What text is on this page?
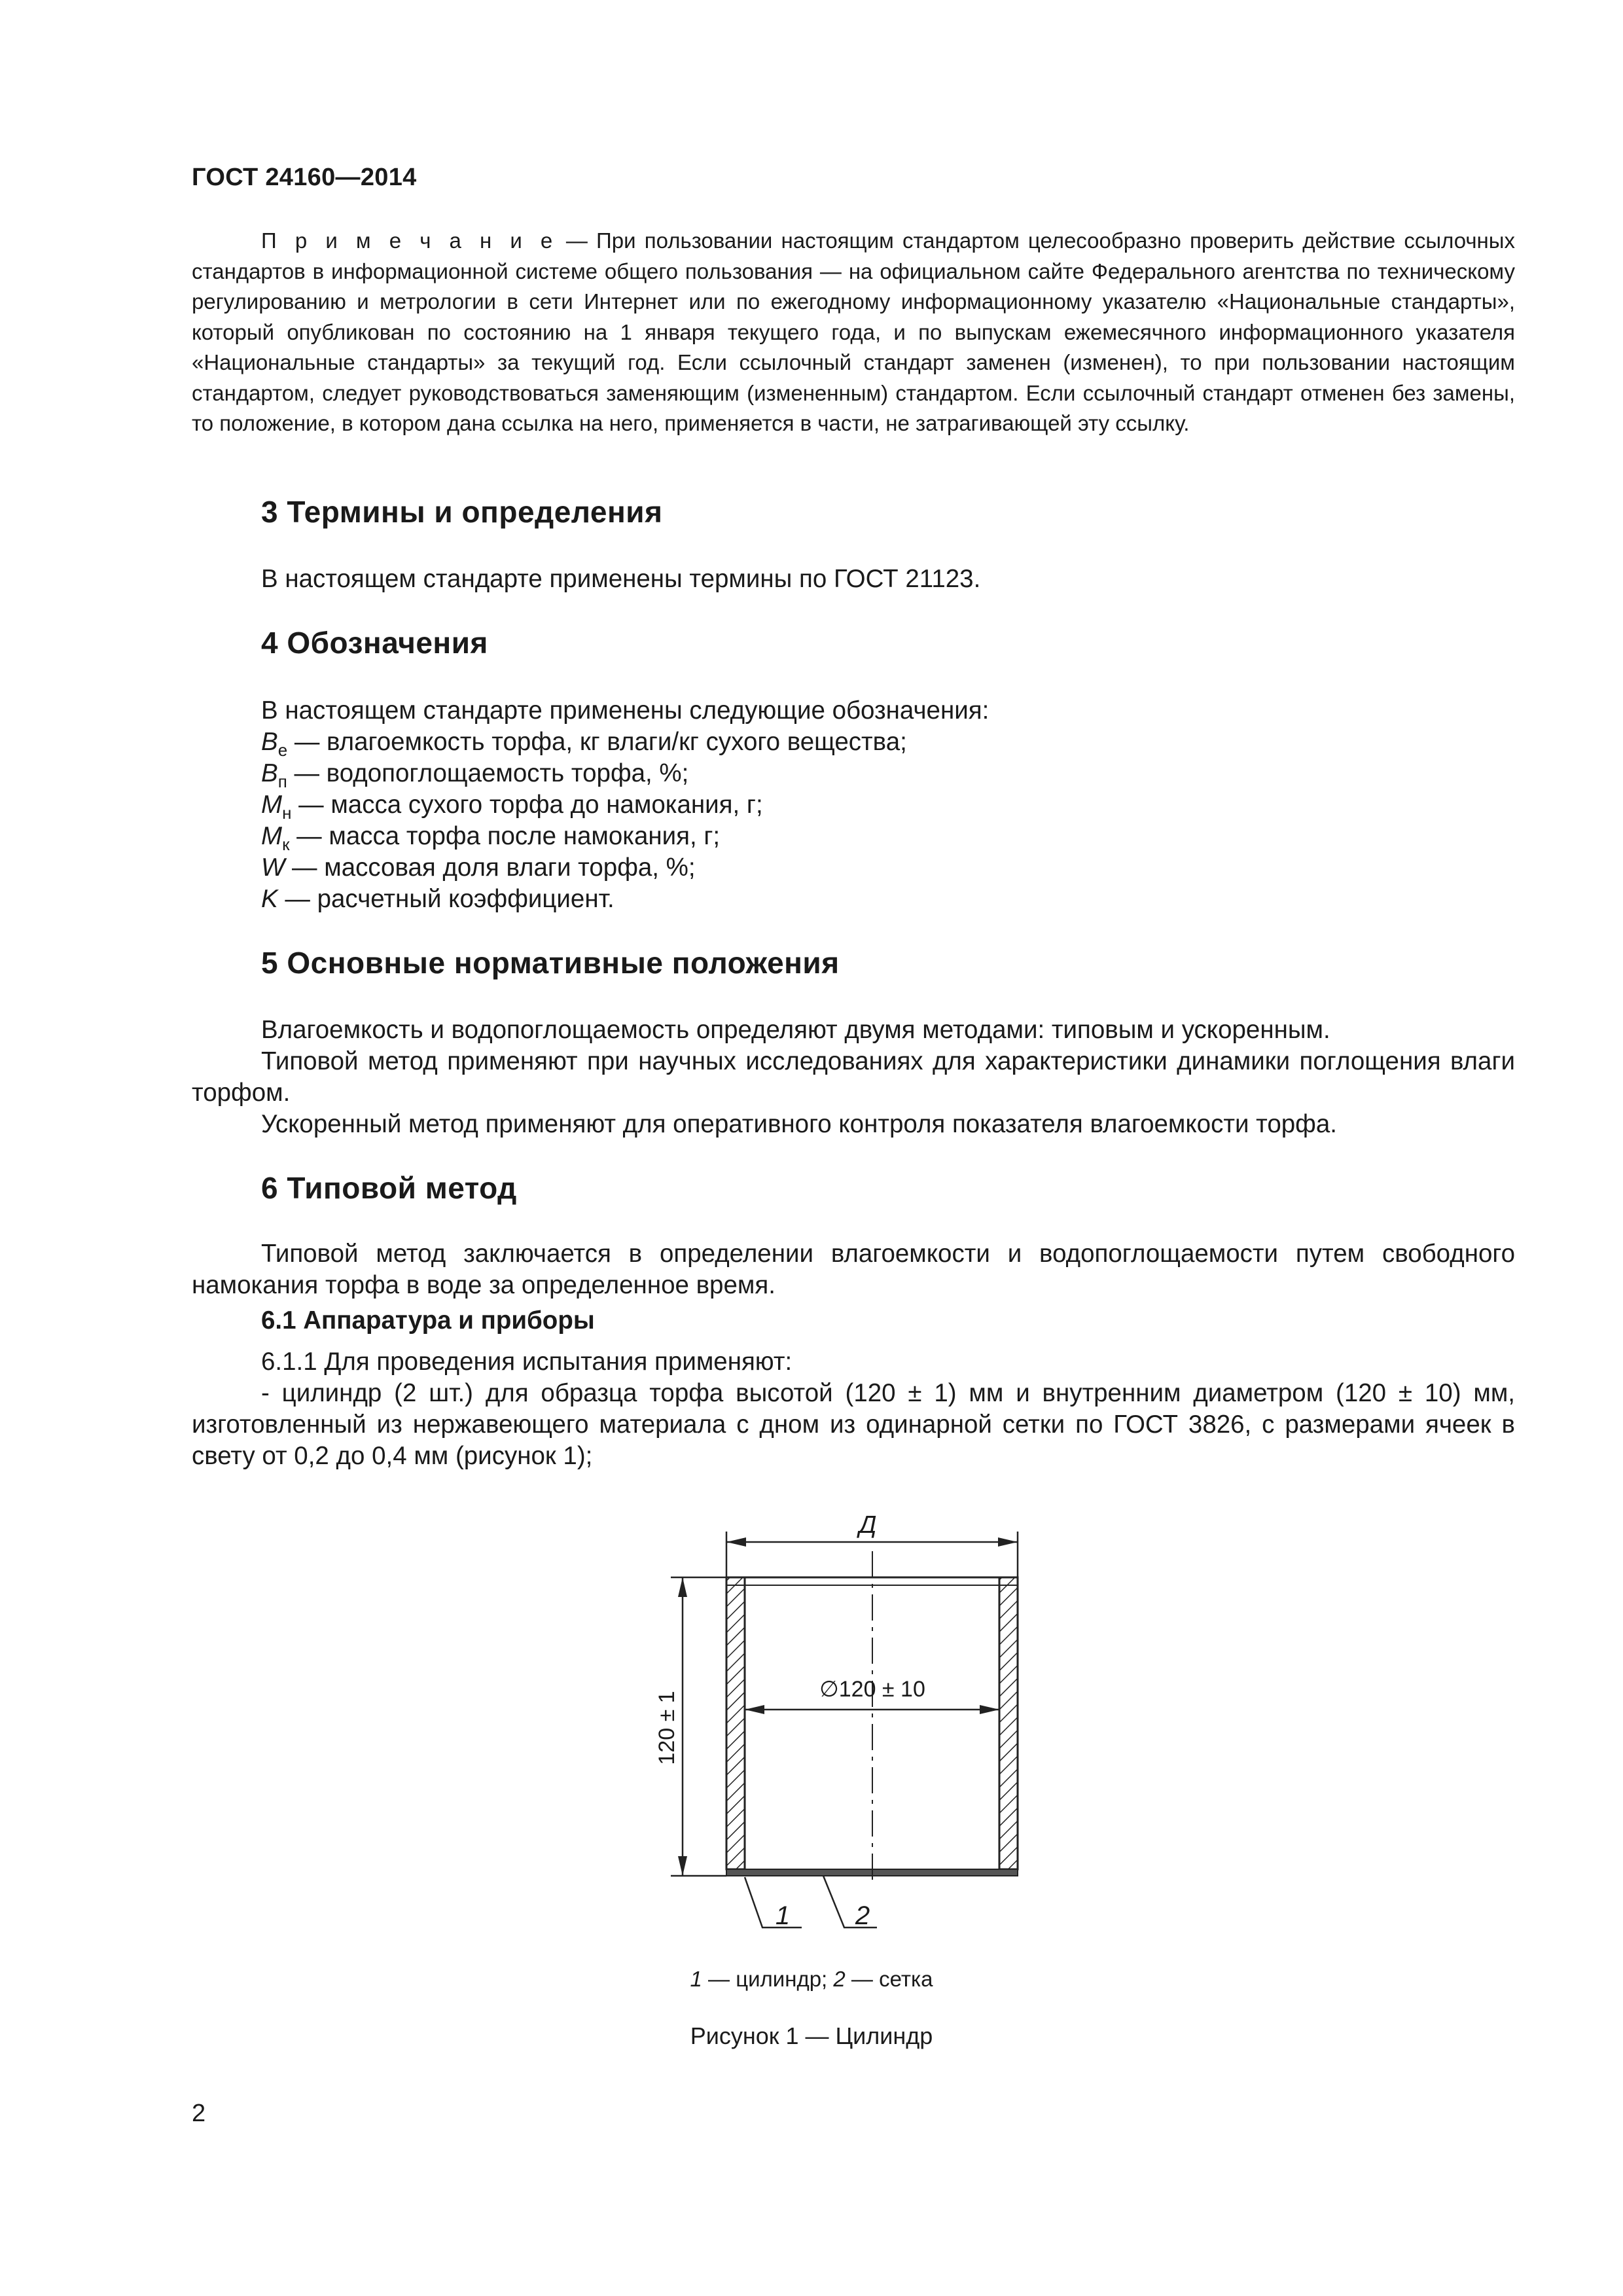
ГОСТ 24160—2014
П р и м е ч а н и е — При пользовании настоящим стандартом целесообразно проверить действие ссылочных стандартов в информационной системе общего пользования — на официальном сайте Федерального агентства по техническому регулированию и метрологии в сети Интернет или по ежегодному информационному указателю «Национальные стандарты», который опубликован по состоянию на 1 января текущего года, и по выпускам ежемесячного информационного указателя «Национальные стандарты» за текущий год. Если ссылочный стандарт заменен (изменен), то при пользовании настоящим стандартом, следует руководствоваться заменяющим (измененным) стандартом. Если ссылочный стандарт отменен без замены, то положение, в котором дана ссылка на него, применяется в части, не затрагивающей эту ссылку.
3 Термины и определения
В настоящем стандарте применены термины по ГОСТ 21123.
4 Обозначения
В настоящем стандарте применены следующие обозначения:
$B_e$ — влагоемкость торфа, кг влаги/кг сухого вещества;
$B_п$ — водопоглощаемость торфа, %;
$M_н$ — масса сухого торфа до намокания, г;
$M_к$ — масса торфа после намокания, г;
W — массовая доля влаги торфа, %;
K — расчетный коэффициент.
5 Основные нормативные положения
Влагоемкость и водопоглощаемость определяют двумя методами: типовым и ускоренным.
Типовой метод применяют при научных исследованиях для характеристики динамики поглощения влаги торфом.
Ускоренный метод применяют для оперативного контроля показателя влагоемкости торфа.
6 Типовой метод
Типовой метод заключается в определении влагоемкости и водопоглощаемости путем свободного намокания торфа в воде за определенное время.
6.1 Аппаратура и приборы
6.1.1 Для проведения испытания применяют:
- цилиндр (2 шт.) для образца торфа высотой (120 ± 1) мм и внутренним диаметром (120 ± 10) мм, изготовленный из нержавеющего материала с дном из одинарной сетки по ГОСТ 3826, с размерами ячеек в свету от 0,2 до 0,4 мм (рисунок 1);
Д
∅120 ± 10
120 ± 1
1 2
1 — цилиндр; 2 — сетка
Рисунок 1 — Цилиндр
2
